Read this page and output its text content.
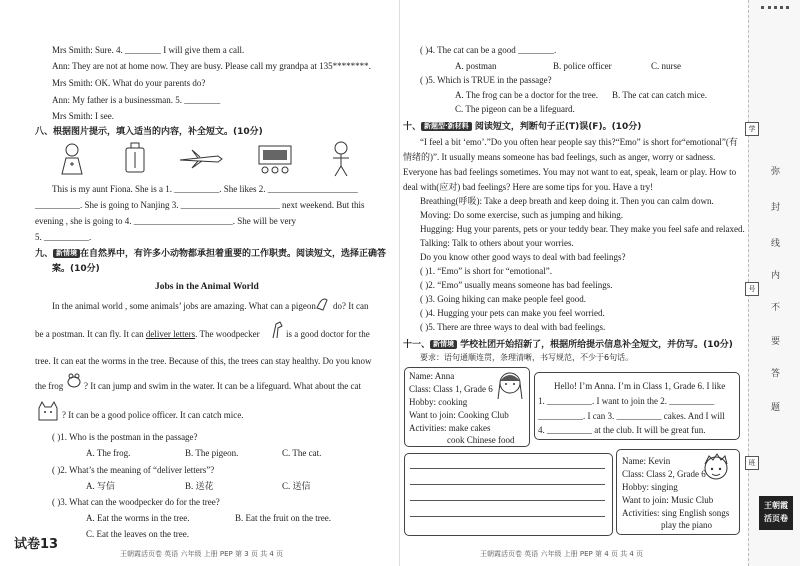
Mrs Smith: Sure. 4. ________ I will give them a call.
Ann: They are not at home now. They are busy. Please call my grandpa at 135********.
Mrs Smith: OK. What do your parents do?
Ann: My father is a businessman. 5. ________
Mrs Smith: I see.
八、根据图片提示，填入适当的内容，补全短文。(10分)
This is my aunt Fiona. She is a 1. __________. She likes 2. ____________________
__________. She is going to Nanjing 3. ______________________ next weekend. But this
evening , she is going to 4. ______________________. She will be very
5. __________.
九、 新情境 在自然界中，有许多小动物都承担着重要的工作职责。阅读短文，选择正确答
案。(10分)
Jobs in the Animal World
In the animal world , some animals’ jobs are amazing. What can a pigeon do? It can
be a postman. It can fly. It can deliver letters. The woodpecker	is a good doctor for the
tree. It can eat the worms in the tree. Because of this, the trees can stay healthy. Do you know
the frog ? It can jump and swim in the water. It can be a lifeguard. What about the cat
? It can be a good police officer. It can catch mice.
( )1. Who is the postman in the passage?
A. The frog.	B. The pigeon.	C. The cat.
( )2. What’s the meaning of “deliver letters”?
A. 写信	B. 送花	C. 送信
( )3. What can the woodpecker do for the tree?
A. Eat the worms in the tree.	B. Eat the fruit on the tree.
C. Eat the leaves on the tree.
试卷13
王朝霞活页卷 英语 六年级 上册 PEP 第 3 页 共 4 页
( )4. The cat can be a good ________.
A. postman	B. police officer	C. nurse
( )5. Which is TRUE in the passage?
A. The frog can be a doctor for the tree. B. The cat can catch mice.
C. The pigeon can be a lifeguard.
十、 新题型·新材料 阅读短文，判断句子正(T)误(F)。(10分)
“I feel a bit ‘emo’.”Do you often hear people say this?“Emo” is short for“emotional”(有
情绪的)”. It usually means someone has bad feelings, such as anger, worry or sadness.
Everyone has bad feelings sometimes. You may not want to eat, speak, learn or play. How to
deal with(应对) bad feelings? Here are some tips for you. Have a try!
Breathing(呼吸): Take a deep breath and keep doing it. Then you can calm down.
Moving: Do some exercise, such as jumping and hiking.
Hugging: Hug your parents, pets or your teddy bear. They make you feel safe and relaxed.
Talking: Talk to others about your worries.
Do you know other good ways to deal with bad feelings?
( )1. “Emo” is short for “emotional”.
( )2. “Emo” usually means someone has bad feelings.
( )3. Going hiking can make people feel good.
( )4. Hugging your pets can make you feel worried.
( )5. There are three ways to deal with bad feelings.
十一、 新情境 学校社团开始招新了，根据所给提示信息补全短文，并仿写。(10分)
要求：语句通顺连贯，条理清晰，书写规范，不少于6句话。
Name: Anna
Class: Class 1, Grade 6
Hobby: cooking
Want to join: Cooking Club
Activities: make cakes
cook Chinese food
Hello! I’m Anna. I’m in Class 1, Grade 6. I like
1. __________. I want to join the 2. __________
__________. I can 3. __________ cakes. And I will
4. __________ at the club. It will be great fun.
Name: Kevin
Class: Class 2, Grade 6
Hobby: singing
Want to join: Music Club
Activities: sing English songs
play the piano
王朝霞活页卷 英语 六年级 上册 PEP 第 4 页 共 4 页
弥
封
线
内
不
要
答
题
学
号
班
王朝霞
活页卷
